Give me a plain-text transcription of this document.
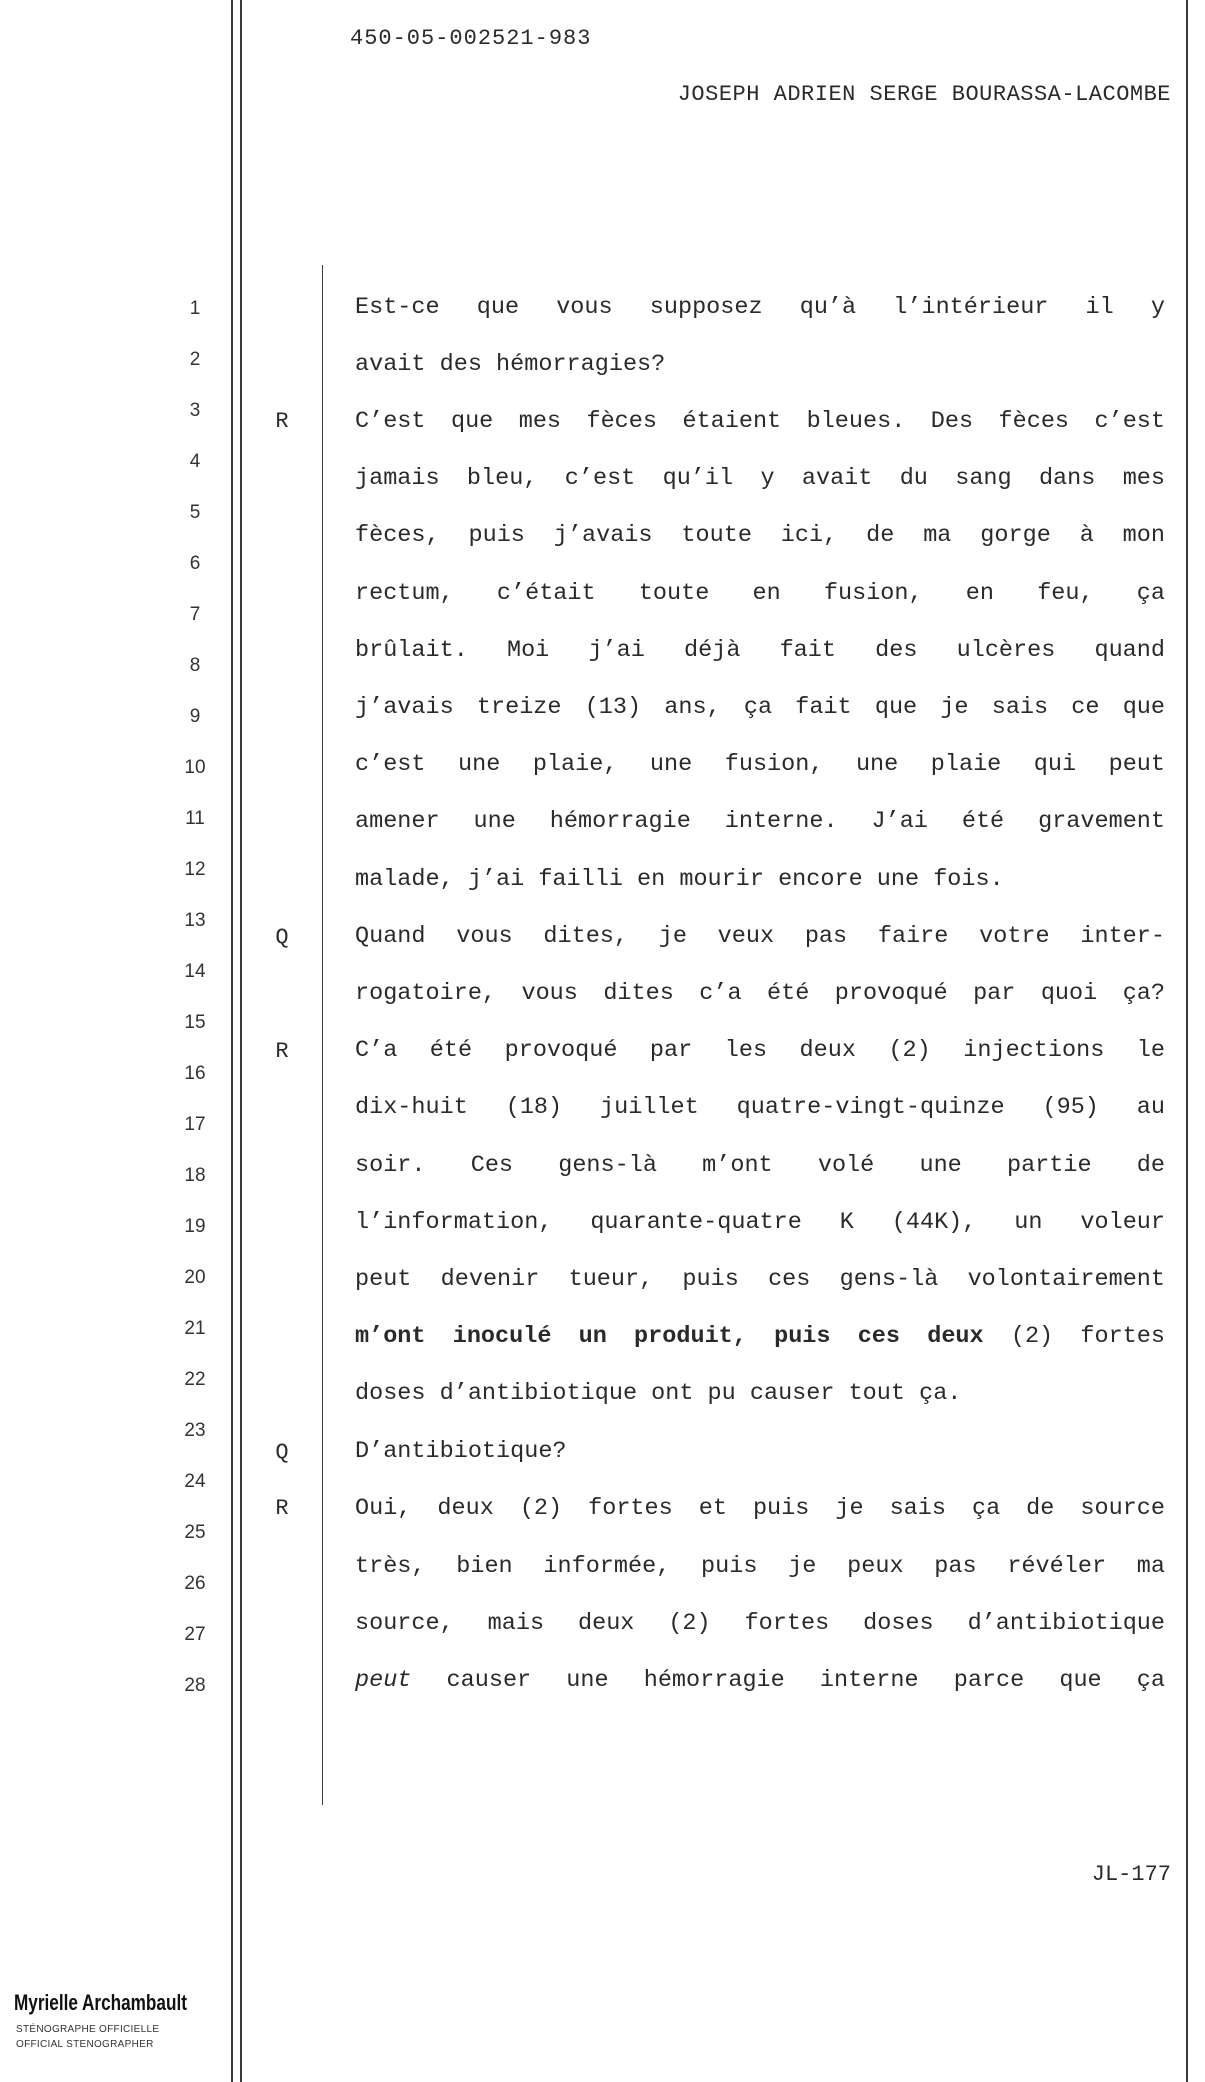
450-05-002521-983
JOSEPH ADRIEN SERGE BOURASSA-LACOMBE
1
2
3
4
5
6
7
8
9
10
11
12
13
14
15
16
17
18
19
20
21
22
23
24
25
26
27
28
Est-ce que vous supposez qu’à l’intérieur il y
avait des hémorragies?
R	C’est que mes fèces étaient bleues. Des fèces c’est
jamais bleu, c’est qu’il y avait du sang dans mes
fèces, puis j’avais toute ici, de ma gorge à mon
rectum, c’était toute en fusion, en feu, ça
brûlait. Moi j’ai déjà fait des ulcères quand
j’avais treize (13) ans, ça fait que je sais ce que
c’est une plaie, une fusion, une plaie qui peut
amener une hémorragie interne. J’ai été gravement
malade, j’ai failli en mourir encore une fois.
Q	Quand vous dites, je veux pas faire votre inter-
rogatoire, vous dites c’a été provoqué par quoi ça?
R	C’a été provoqué par les deux (2) injections le
dix-huit (18) juillet quatre-vingt-quinze (95) au
soir. Ces gens-là m’ont volé une partie de
l’information, quarante-quatre K (44K), un voleur
peut devenir tueur, puis ces gens-là volontairement
m’ont inoculé un produit, puis ces deux (2) fortes
doses d’antibiotique ont pu causer tout ça.
Q	D’antibiotique?
R	Oui, deux (2) fortes et puis je sais ça de source
très, bien informée, puis je peux pas révéler ma
source, mais deux (2) fortes doses d’antibiotique
peut causer une hémorragie interne parce que ça
JL-177
Myrielle Archambault
STÉNOGRAPHE OFFICIELLE
OFFICIAL STENOGRAPHER
